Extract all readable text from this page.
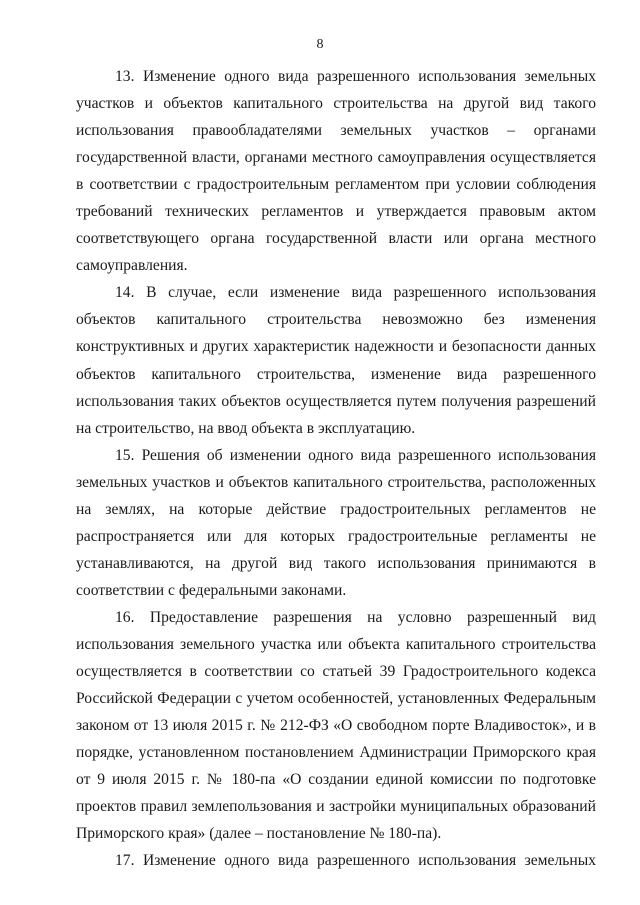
8

13. Изменение одного вида разрешенного использования земельных участков и объектов капитального строительства на другой вид такого использования правообладателями земельных участков – органами государственной власти, органами местного самоуправления осуществляется в соответствии с градостроительным регламентом при условии соблюдения требований технических регламентов и утверждается правовым актом соответствующего органа государственной власти или органа местного самоуправления.

14. В случае, если изменение вида разрешенного использования объектов капитального строительства невозможно без изменения конструктивных и других характеристик надежности и безопасности данных объектов капитального строительства, изменение вида разрешенного использования таких объектов осуществляется путем получения разрешений на строительство, на ввод объекта в эксплуатацию.

15. Решения об изменении одного вида разрешенного использования земельных участков и объектов капитального строительства, расположенных на землях, на которые действие градостроительных регламентов не распространяется или для которых градостроительные регламенты не устанавливаются, на другой вид такого использования принимаются в соответствии с федеральными законами.

16. Предоставление разрешения на условно разрешенный вид использования земельного участка или объекта капитального строительства осуществляется в соответствии со статьей 39 Градостроительного кодекса Российской Федерации с учетом особенностей, установленных Федеральным законом от 13 июля 2015 г. № 212-ФЗ «О свободном порте Владивосток», и в порядке, установленном постановлением Администрации Приморского края от 9 июля 2015 г. № 180-па «О создании единой комиссии по подготовке проектов правил землепользования и застройки муниципальных образований Приморского края» (далее – постановление № 180-па).

17. Изменение одного вида разрешенного использования земельных
